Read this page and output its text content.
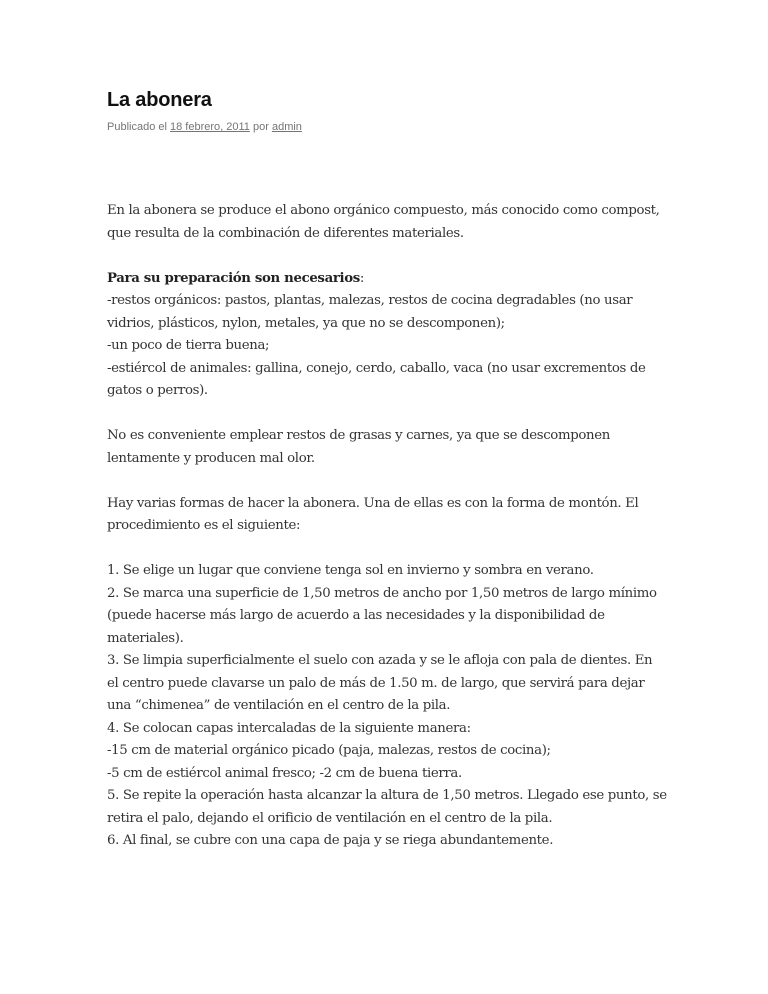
La abonera
Publicado el 18 febrero, 2011 por admin

En la abonera se produce el abono orgánico compuesto, más conocido como compost, que resulta de la combinación de diferentes materiales.

Para su preparación son necesarios:
-restos orgánicos: pastos, plantas, malezas, restos de cocina degradables (no usar vidrios, plásticos, nylon, metales, ya que no se descomponen);
-un poco de tierra buena;
-estiércol de animales: gallina, conejo, cerdo, caballo, vaca (no usar excrementos de gatos o perros).

No es conveniente emplear restos de grasas y carnes, ya que se descomponen lentamente y producen mal olor.

Hay varias formas de hacer la abonera. Una de ellas es con la forma de montón. El procedimiento es el siguiente:

1. Se elige un lugar que conviene tenga sol en invierno y sombra en verano.
2. Se marca una superficie de 1,50 metros de ancho por 1,50 metros de largo mínimo (puede hacerse más largo de acuerdo a las necesidades y la disponibilidad de materiales).
3. Se limpia superficialmente el suelo con azada y se le afloja con pala de dientes. En el centro puede clavarse un palo de más de 1.50 m. de largo, que servirá para dejar una “chimenea” de ventilación en el centro de la pila.
4. Se colocan capas intercaladas de la siguiente manera:
-15 cm de material orgánico picado (paja, malezas, restos de cocina);
-5 cm de estiércol animal fresco; -2 cm de buena tierra.
5. Se repite la operación hasta alcanzar la altura de 1,50 metros. Llegado ese punto, se retira el palo, dejando el orificio de ventilación en el centro de la pila.
6. Al final, se cubre con una capa de paja y se riega abundantemente.
